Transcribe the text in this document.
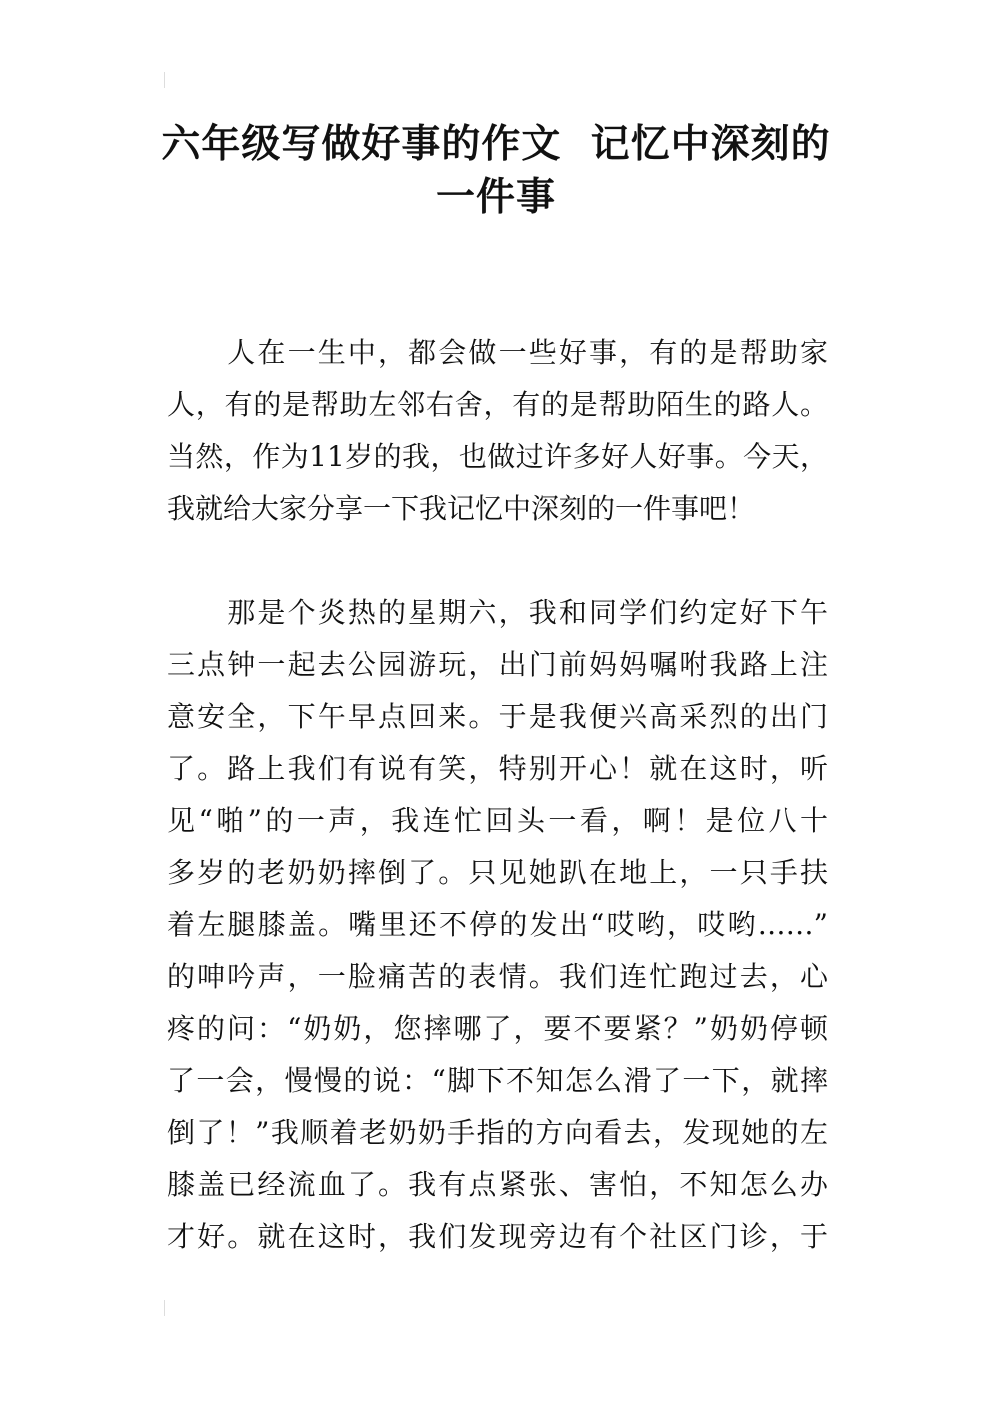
六年级写做好事的作文  记忆中深刻的
一件事
　　人在一生中，都会做一些好事，有的是帮助家
人，有的是帮助左邻右舍，有的是帮助陌生的路人。
当然，作为11岁的我，也做过许多好人好事。今天，
我就给大家分享一下我记忆中深刻的一件事吧！
　　那是个炎热的星期六，我和同学们约定好下午
三点钟一起去公园游玩，出门前妈妈嘱咐我路上注
意安全，下午早点回来。于是我便兴高采烈的出门
了。路上我们有说有笑，特别开心！就在这时，听
见“啪”的一声，我连忙回头一看，啊！是位八十
多岁的老奶奶摔倒了。只见她趴在地上，一只手扶
着左腿膝盖。嘴里还不停的发出“哎哟，哎哟……”
的呻吟声，一脸痛苦的表情。我们连忙跑过去，心
疼的问：“奶奶，您摔哪了，要不要紧？”奶奶停顿
了一会，慢慢的说：“脚下不知怎么滑了一下，就摔
倒了！”我顺着老奶奶手指的方向看去，发现她的左
膝盖已经流血了。我有点紧张、害怕，不知怎么办
才好。就在这时，我们发现旁边有个社区门诊，于
